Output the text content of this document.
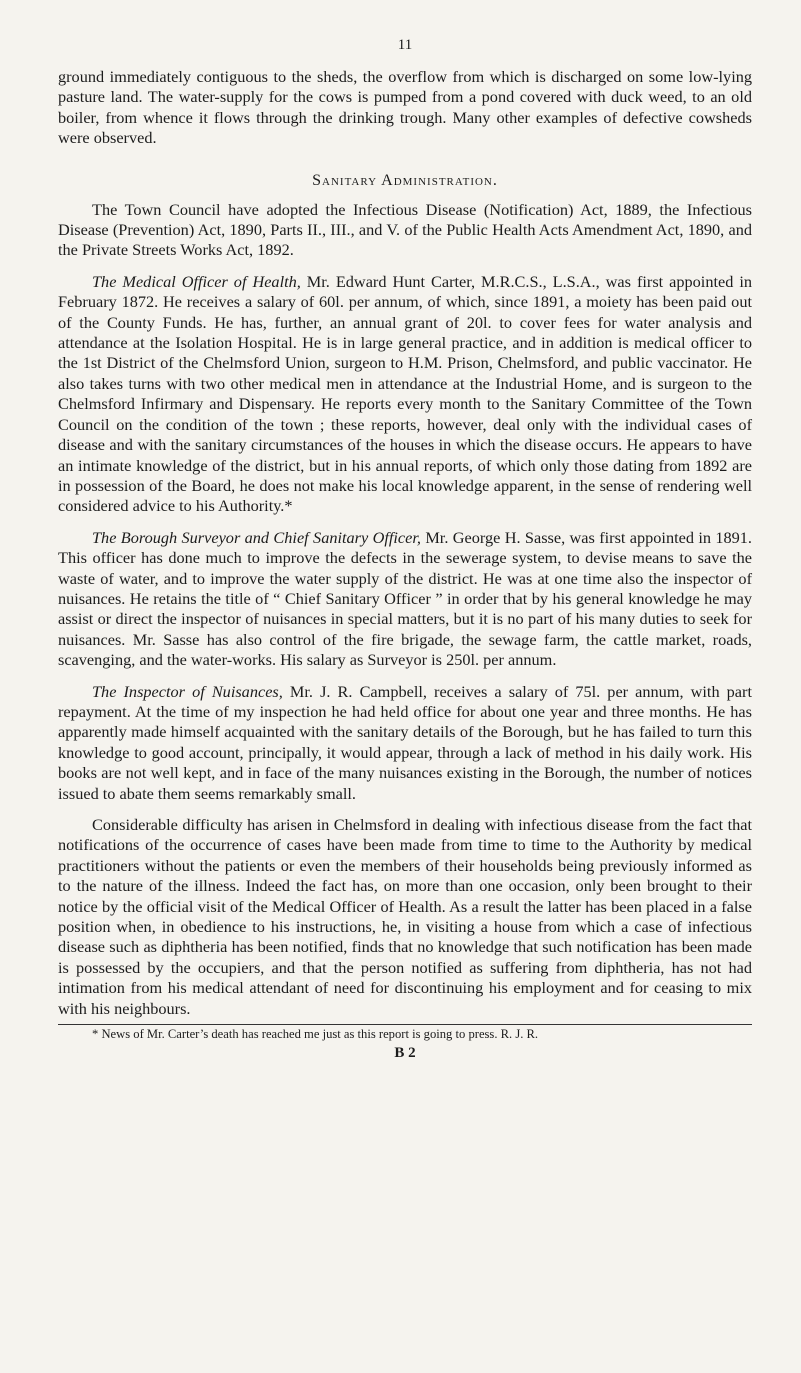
11

ground immediately contiguous to the sheds, the overflow from which is discharged on some low-lying pasture land. The water-supply for the cows is pumped from a pond covered with duck weed, to an old boiler, from whence it flows through the drinking trough. Many other examples of defective cowsheds were observed.

Sanitary Administration.

The Town Council have adopted the Infectious Disease (Notification) Act, 1889, the Infectious Disease (Prevention) Act, 1890, Parts II., III., and V. of the Public Health Acts Amendment Act, 1890, and the Private Streets Works Act, 1892.

The Medical Officer of Health, Mr. Edward Hunt Carter, M.R.C.S., L.S.A., was first appointed in February 1872. He receives a salary of 60l. per annum, of which, since 1891, a moiety has been paid out of the County Funds. He has, further, an annual grant of 20l. to cover fees for water analysis and attendance at the Isolation Hospital. He is in large general practice, and in addition is medical officer to the 1st District of the Chelmsford Union, surgeon to H.M. Prison, Chelmsford, and public vaccinator. He also takes turns with two other medical men in attendance at the Industrial Home, and is surgeon to the Chelmsford Infirmary and Dispensary. He reports every month to the Sanitary Committee of the Town Council on the condition of the town ; these reports, however, deal only with the individual cases of disease and with the sanitary circumstances of the houses in which the disease occurs. He appears to have an intimate knowledge of the district, but in his annual reports, of which only those dating from 1892 are in possession of the Board, he does not make his local knowledge apparent, in the sense of rendering well considered advice to his Authority.*

The Borough Surveyor and Chief Sanitary Officer, Mr. George H. Sasse, was first appointed in 1891. This officer has done much to improve the defects in the sewerage system, to devise means to save the waste of water, and to improve the water supply of the district. He was at one time also the inspector of nuisances. He retains the title of “ Chief Sanitary Officer ” in order that by his general knowledge he may assist or direct the inspector of nuisances in special matters, but it is no part of his many duties to seek for nuisances. Mr. Sasse has also control of the fire brigade, the sewage farm, the cattle market, roads, scavenging, and the water-works. His salary as Surveyor is 250l. per annum.

The Inspector of Nuisances, Mr. J. R. Campbell, receives a salary of 75l. per annum, with part repayment. At the time of my inspection he had held office for about one year and three months. He has apparently made himself acquainted with the sanitary details of the Borough, but he has failed to turn this knowledge to good account, principally, it would appear, through a lack of method in his daily work. His books are not well kept, and in face of the many nuisances existing in the Borough, the number of notices issued to abate them seems remarkably small.

Considerable difficulty has arisen in Chelmsford in dealing with infectious disease from the fact that notifications of the occurrence of cases have been made from time to time to the Authority by medical practitioners without the patients or even the members of their households being previously informed as to the nature of the illness. Indeed the fact has, on more than one occasion, only been brought to their notice by the official visit of the Medical Officer of Health. As a result the latter has been placed in a false position when, in obedience to his instructions, he, in visiting a house from which a case of infectious disease such as diphtheria has been notified, finds that no knowledge that such notification has been made is possessed by the occupiers, and that the person notified as suffering from diphtheria, has not had intimation from his medical attendant of need for discontinuing his employment and for ceasing to mix with his neighbours.

* News of Mr. Carter’s death has reached me just as this report is going to press. R. J. R.

B 2
